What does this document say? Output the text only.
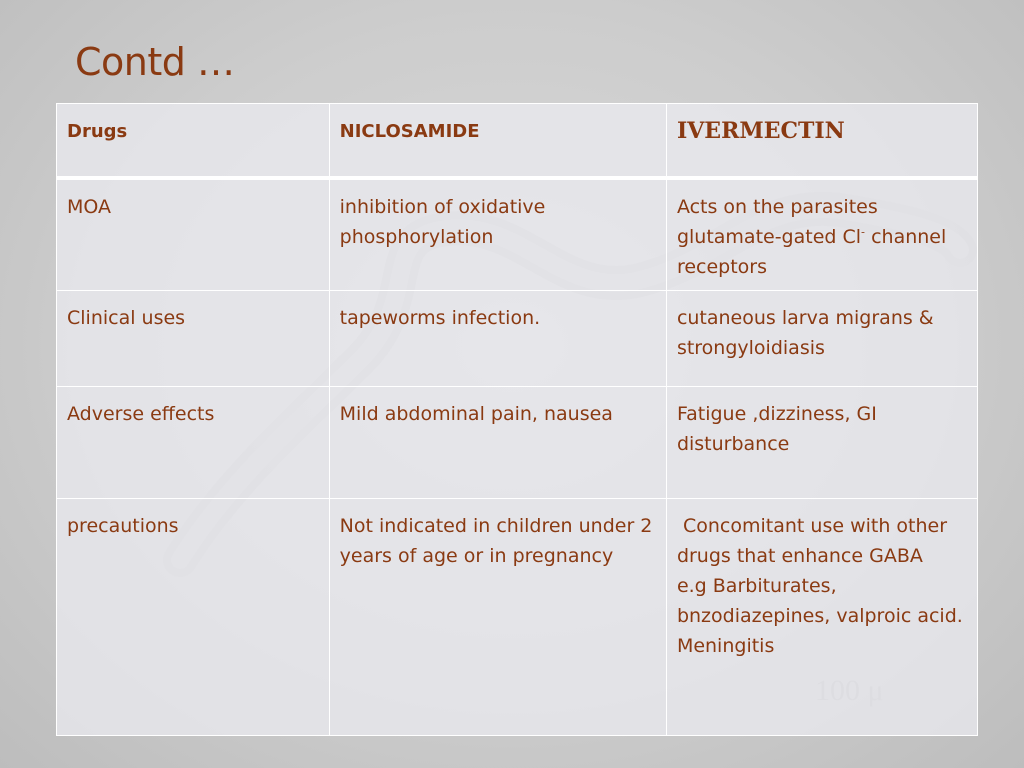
Contd …
Drugs	NICLOSAMIDE	IVERMECTIN
MOA	inhibition of oxidative phosphorylation	Acts on the parasites glutamate-gated Cl- channel receptors
Clinical uses	tapeworms infection.	cutaneous larva migrans & strongyloidiasis
Adverse effects	Mild abdominal pain, nausea	Fatigue ,dizziness, GI disturbance
precautions	Not indicated in children under 2 years of age or in pregnancy	Concomitant use with other drugs that enhance GABA
e.g Barbiturates, bnzodiazepines, valproic acid.
Meningitis
